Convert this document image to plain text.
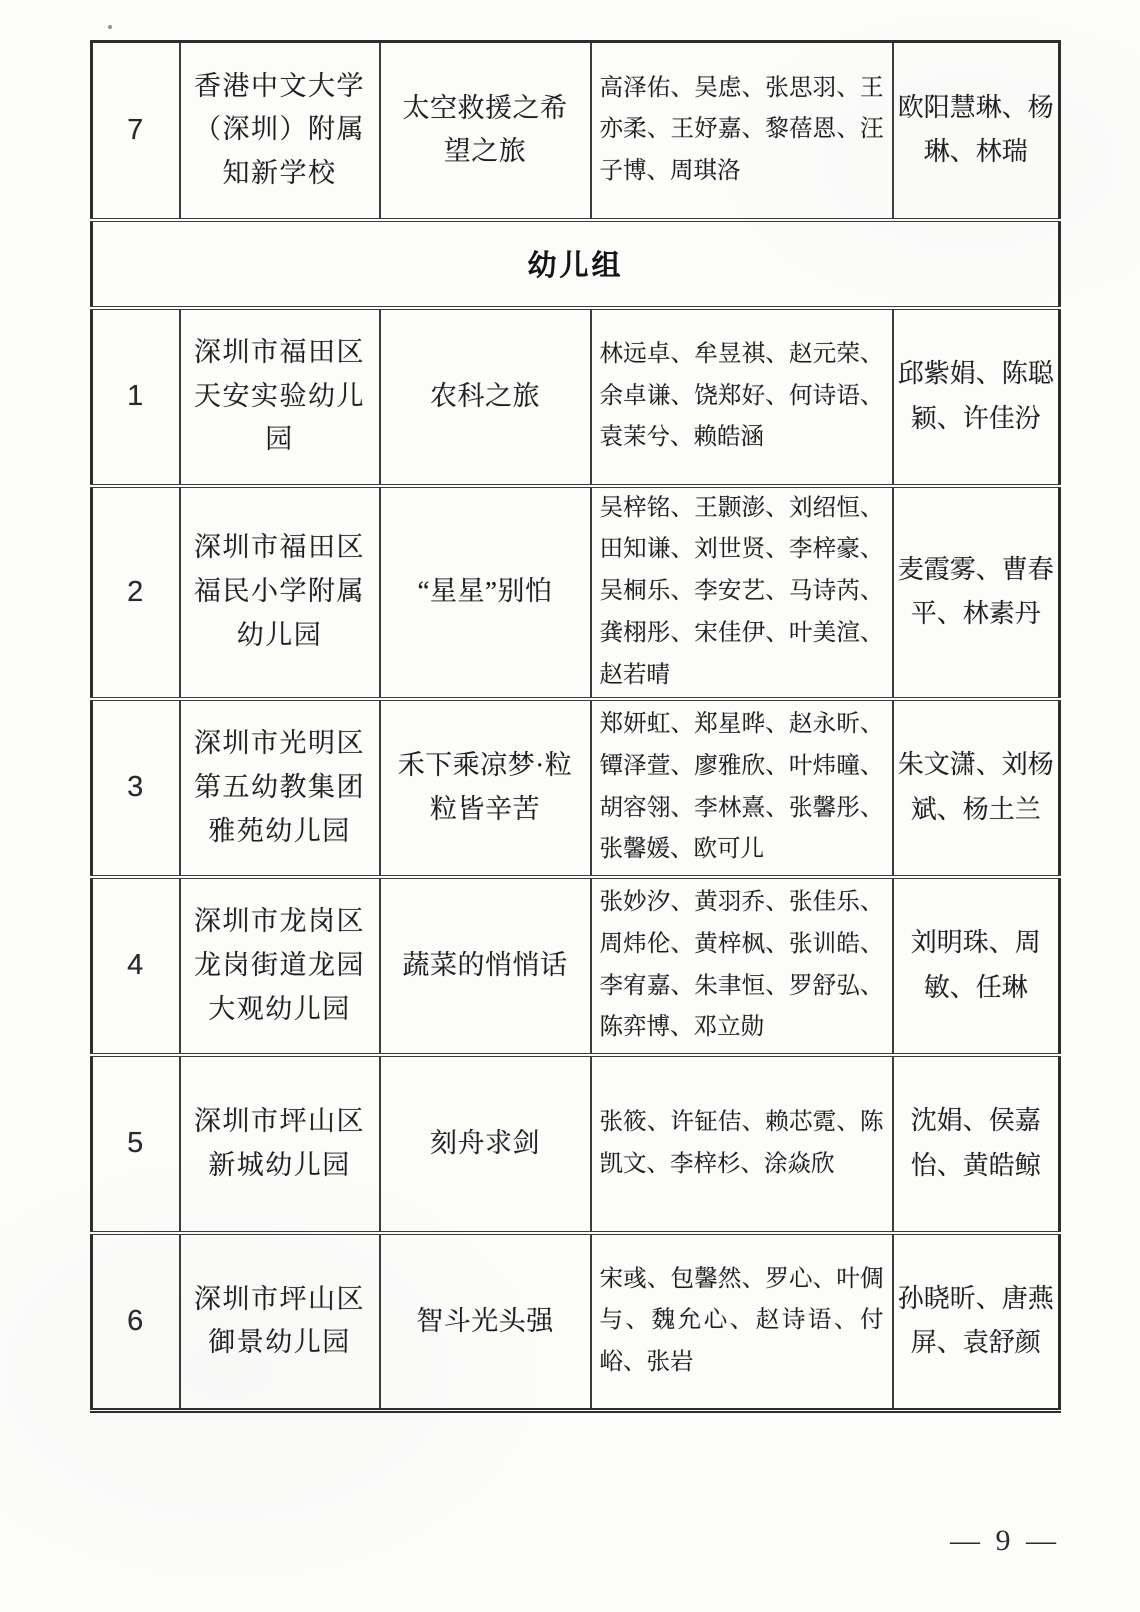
7	香港中文大学（深圳）附属知新学校	太空救援之希望之旅	高泽佑、吴虑、张思羽、王亦柔、王妤嘉、黎蓓恩、汪子博、周琪洛	欧阳慧琳、杨琳、林瑞
幼儿组				
1	深圳市福田区天安实验幼儿园	农科之旅	林远卓、牟昱祺、赵元荣、余卓谦、饶郑好、何诗语、袁茉兮、赖皓涵	邱紫娟、陈聪颖、许佳汾
2	深圳市福田区福民小学附属幼儿园	“星星”别怕	吴梓铭、王颢澎、刘绍恒、田知谦、刘世贤、李梓豪、吴桐乐、李安艺、马诗芮、龚栩彤、宋佳伊、叶美渲、赵若晴	麦霞雾、曹春平、林素丹
3	深圳市光明区第五幼教集团雅苑幼儿园	禾下乘凉梦·粒粒皆辛苦	郑妍虹、郑星晔、赵永昕、镡泽萱、廖雅欣、叶炜曈、胡容翎、李林熹、张馨彤、张馨媛、欧可儿	朱文潇、刘杨斌、杨土兰
4	深圳市龙岗区龙岗街道龙园大观幼儿园	蔬菜的悄悄话	张妙汐、黄羽乔、张佳乐、周炜伦、黄梓枫、张训皓、李宥嘉、朱聿恒、罗舒弘、陈弈博、邓立勋	刘明珠、周敏、任琳
5	深圳市坪山区新城幼儿园	刻舟求剑	张筱、许钲佶、赖芯霓、陈凯文、李梓杉、涂焱欣	沈娟、侯嘉怡、黄皓鲸
6	深圳市坪山区御景幼儿园	智斗光头强	宋彧、包馨然、罗心、叶倜与、魏允心、赵诗语、付峪、张岩	孙晓昕、唐燕屏、袁舒颜
— 9 —
